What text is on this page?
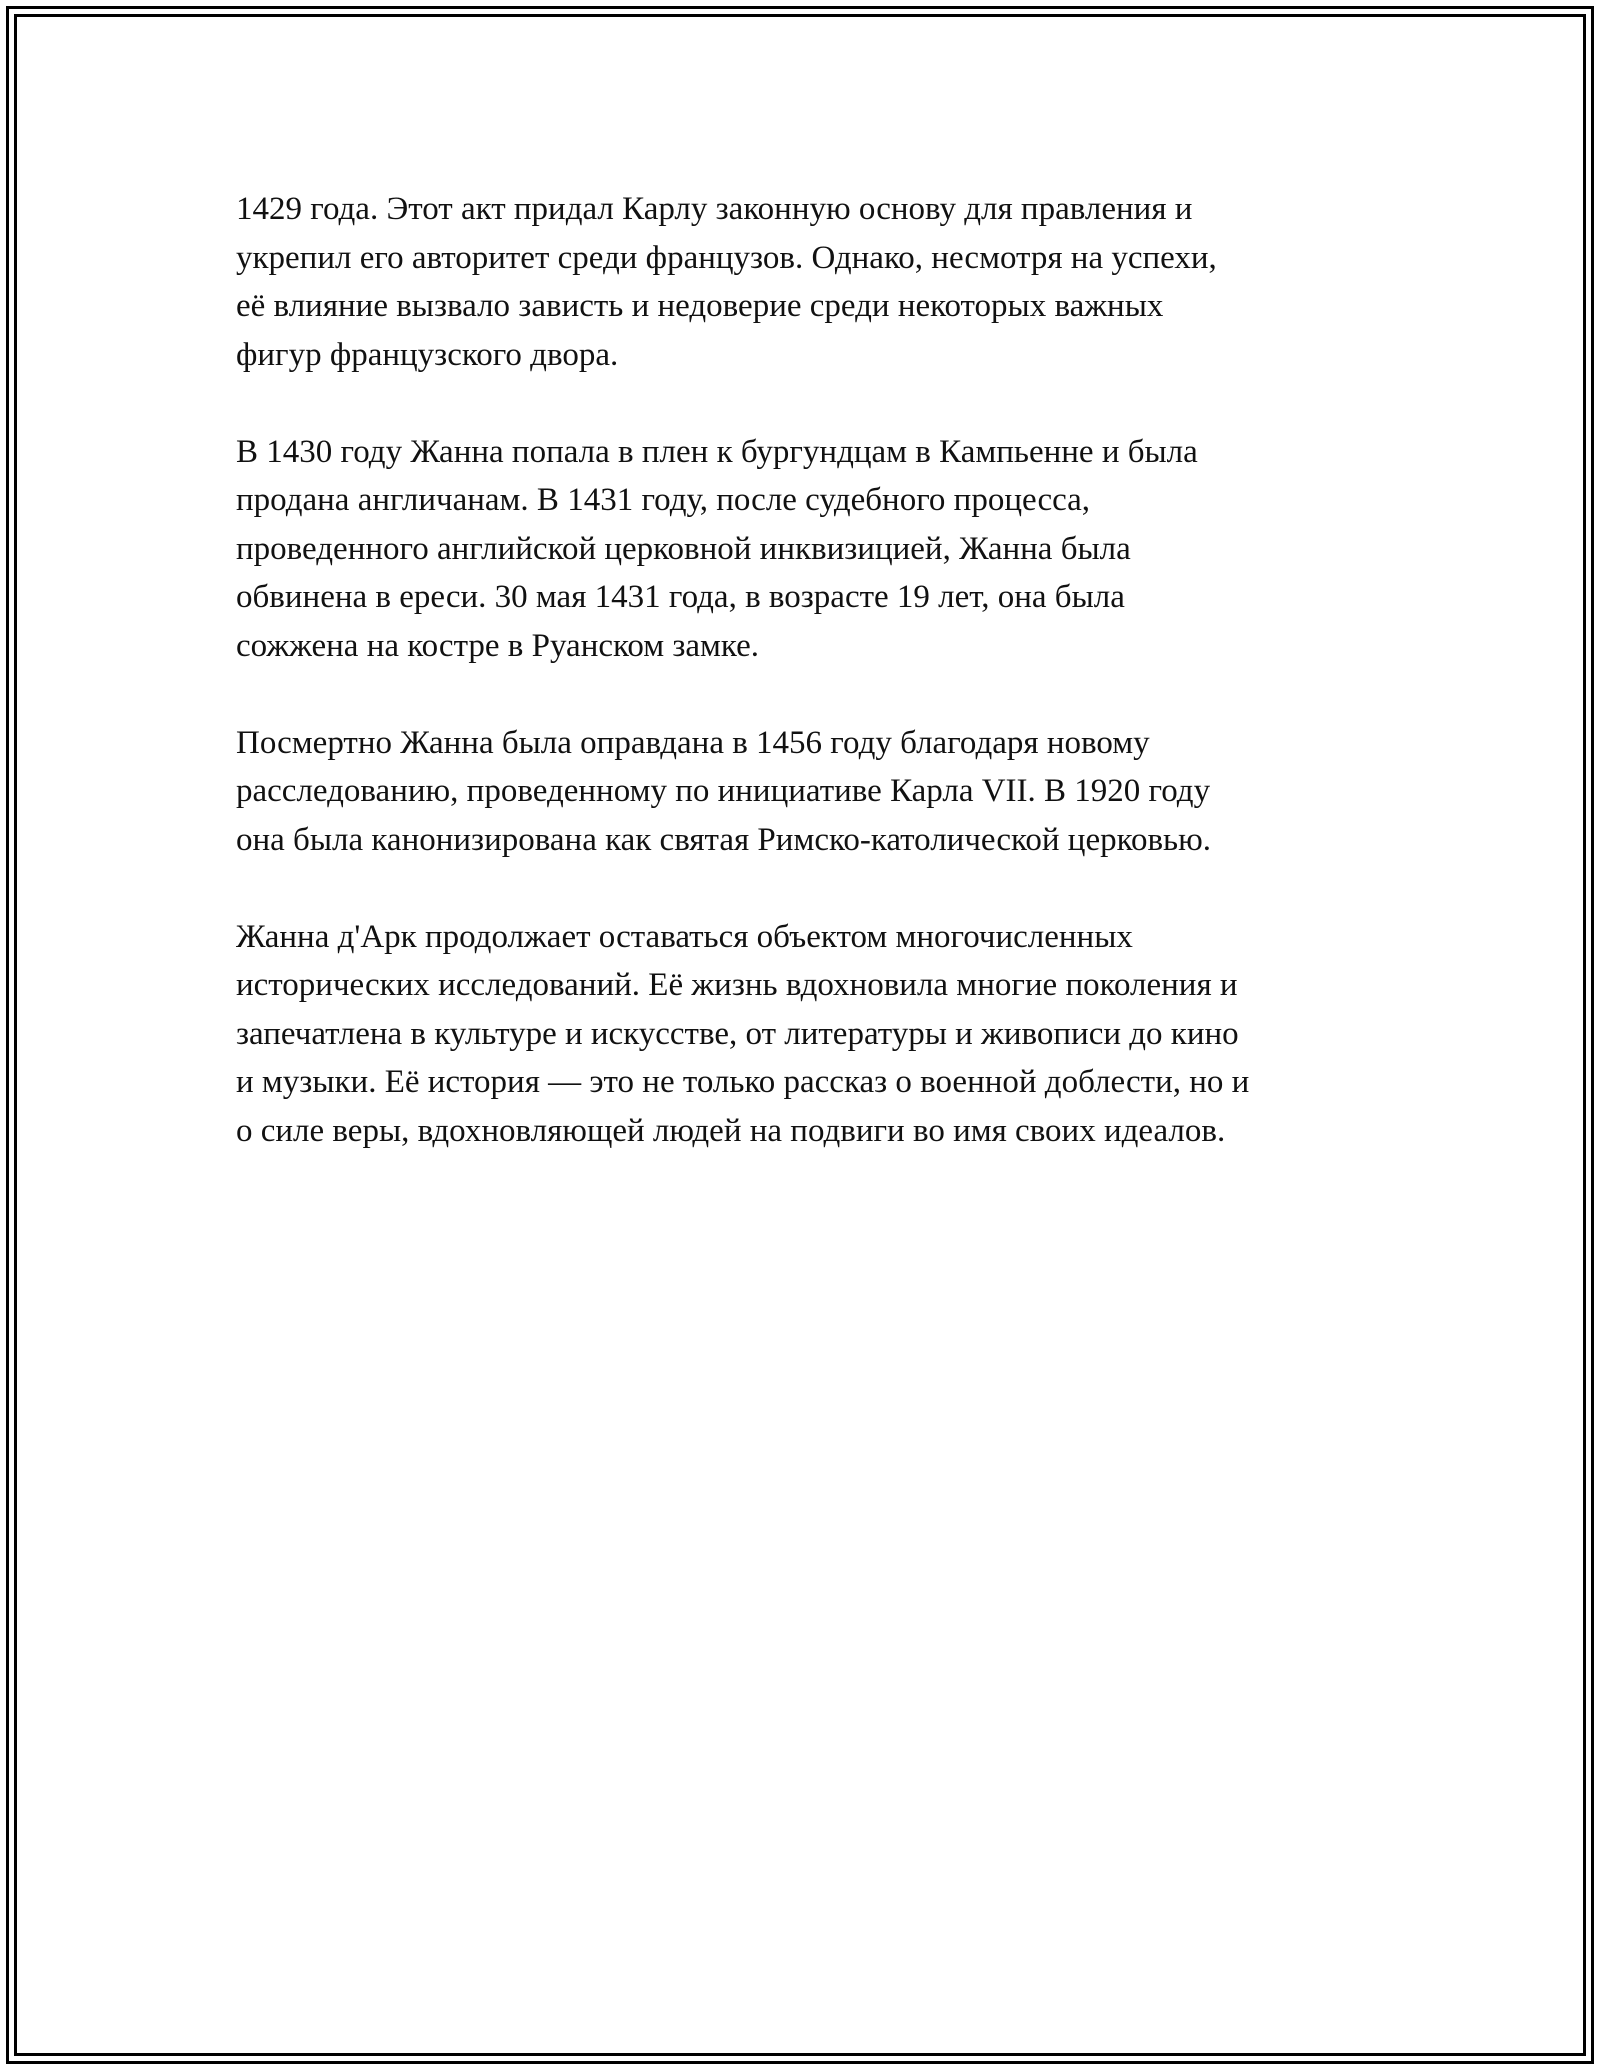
1429 года. Этот акт придал Карлу законную основу для правления и
укрепил его авторитет среди французов. Однако, несмотря на успехи,
eё влияние вызвало зависть и недоверие среди некоторых важных
фигур французского двора.

В 1430 году Жанна попала в плен к бургундцам в Кампьенне и была
продана англичанам. В 1431 году, после судебного процесса,
проведенного английской церковной инквизицией, Жанна была
обвинена в ереси. 30 мая 1431 года, в возрасте 19 лет, она была
сожжена на костре в Руанском замке.

Посмертно Жанна была оправдана в 1456 году благодаря новому
расследованию, проведенному по инициативе Карла VII. В 1920 году
она была канонизирована как святая Римско-католической церковью.

Жанна д'Арк продолжает оставаться объектом многочисленных
исторических исследований. Её жизнь вдохновила многие поколения и
запечатлена в культуре и искусстве, от литературы и живописи до кино
и музыки. Её история — это не только рассказ о военной доблести, но и
о силе веры, вдохновляющей людей на подвиги во имя своих идеалов.
